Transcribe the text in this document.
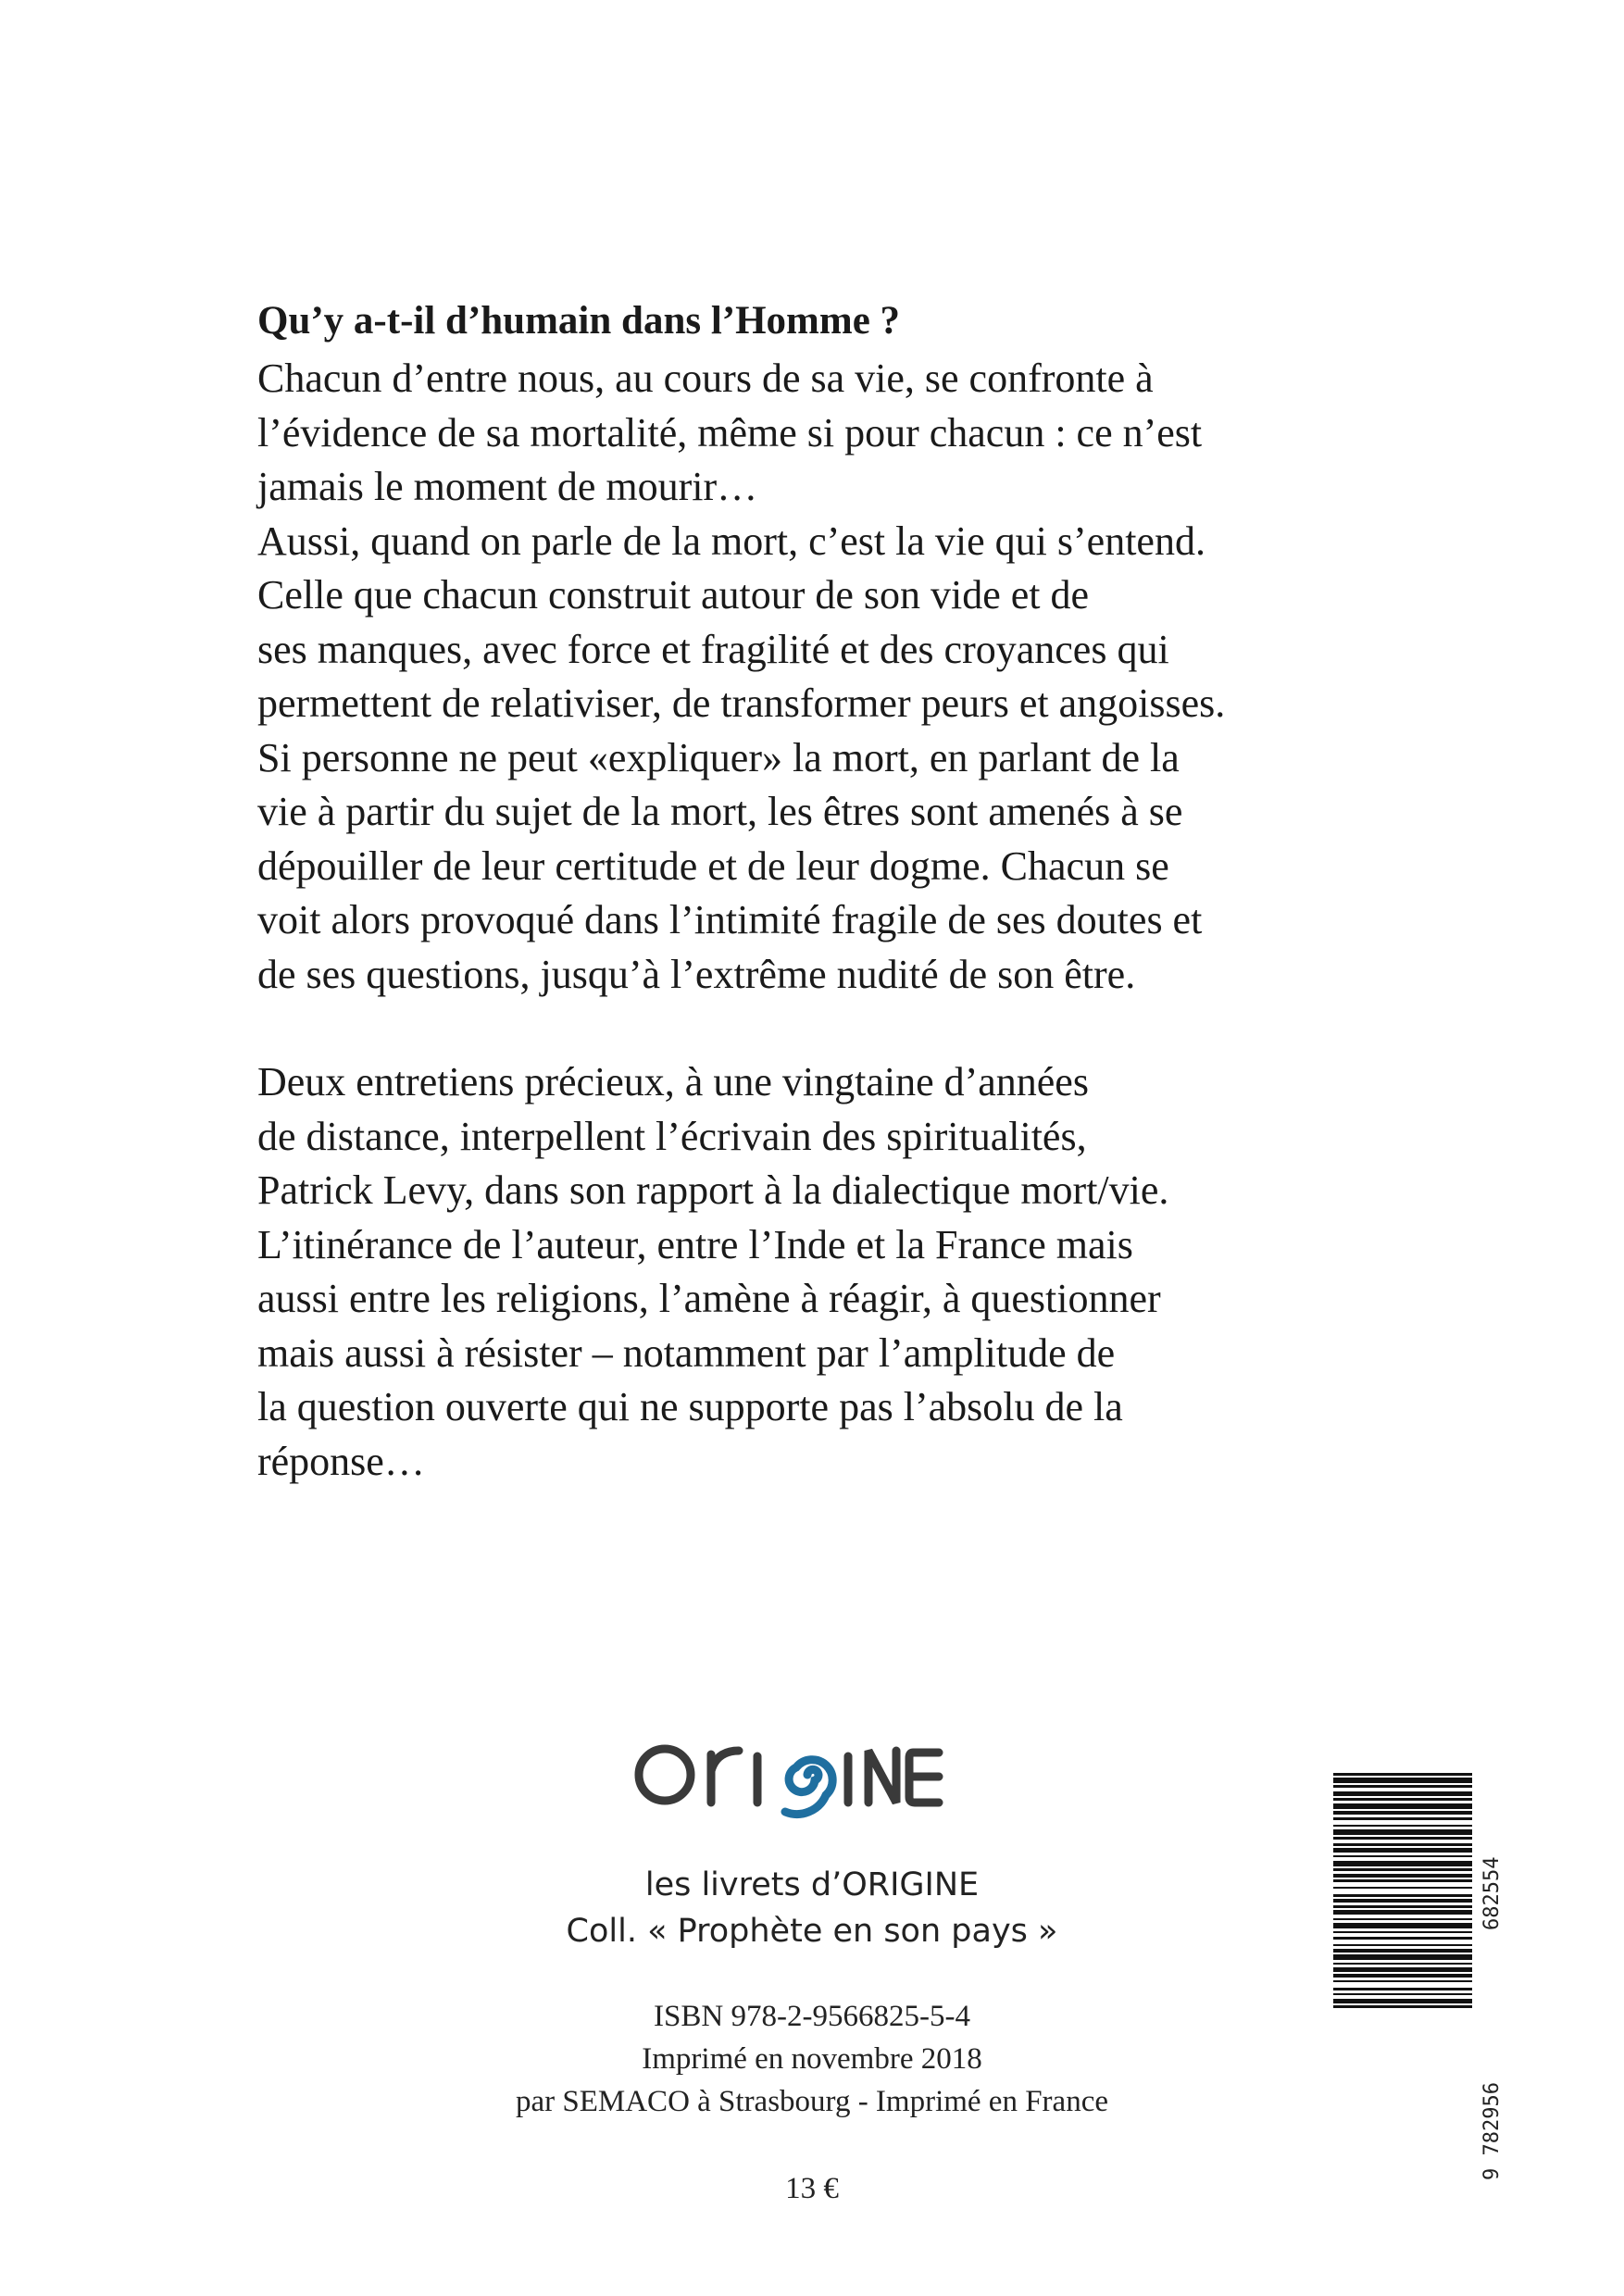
Qu’y a-t-il d’humain dans l’Homme ?

Chacun d’entre nous, au cours de sa vie, se confronte à
l’évidence de sa mortalité, même si pour chacun : ce n’est
jamais le moment de mourir…
Aussi, quand on parle de la mort, c’est la vie qui s’entend.
Celle que chacun construit autour de son vide et de
ses manques, avec force et fragilité et des croyances qui
permettent de relativiser, de transformer peurs et angoisses.
Si personne ne peut «expliquer» la mort, en parlant de la
vie à partir du sujet de la mort, les êtres sont amenés à se
dépouiller de leur certitude et de leur dogme. Chacun se
voit alors provoqué dans l’intimité fragile de ses doutes et
de ses questions, jusqu’à l’extrême nudité de son être.

Deux entretiens précieux, à une vingtaine d’années
de distance, interpellent l’écrivain des spiritualités,
Patrick Levy, dans son rapport à la dialectique mort/vie.
L’itinérance de l’auteur, entre l’Inde et la France mais
aussi entre les religions, l’amène à réagir, à questionner
mais aussi à résister – notamment par l’amplitude de
la question ouverte qui ne supporte pas l’absolu de la
réponse…

les livrets d’ORIGINE
Coll. « Prophète en son pays »
ISBN 978-2-9566825-5-4
Imprimé en novembre 2018
par SEMACO à Strasbourg - Imprimé en France
13 €
9 782956
682554
